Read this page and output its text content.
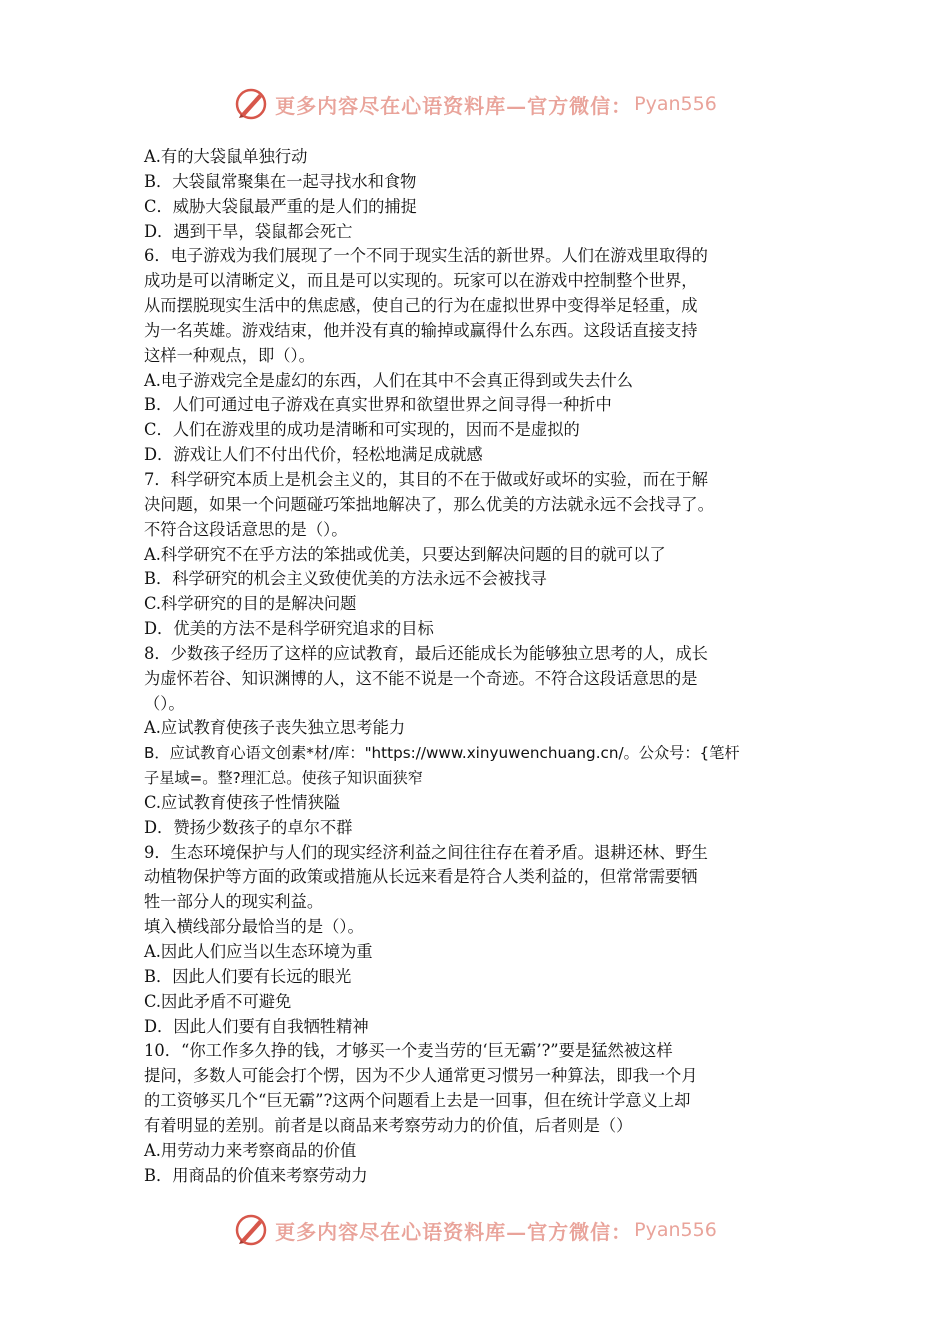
更多内容尽在心语资料库—官方微信： Pyan556

A.有的大袋鼠单独行动

B．大袋鼠常聚集在一起寻找水和食物

C．威胁大袋鼠最严重的是人们的捕捉

D．遇到干旱，袋鼠都会死亡

6．电子游戏为我们展现了一个不同于现实生活的新世界。人们在游戏里取得的

成功是可以清晰定义，而且是可以实现的。玩家可以在游戏中控制整个世界，

从而摆脱现实生活中的焦虑感，使自己的行为在虚拟世界中变得举足轻重，成

为一名英雄。游戏结束，他并没有真的输掉或赢得什么东西。这段话直接支持

这样一种观点，即（）。

A.电子游戏完全是虚幻的东西，人们在其中不会真正得到或失去什么

B．人们可通过电子游戏在真实世界和欲望世界之间寻得一种折中

C．人们在游戏里的成功是清晰和可实现的，因而不是虚拟的

D．游戏让人们不付出代价，轻松地满足成就感

7．科学研究本质上是机会主义的，其目的不在于做或好或坏的实验，而在于解

决问题，如果一个问题碰巧笨拙地解决了，那么优美的方法就永远不会找寻了。

不符合这段话意思的是（）。

A.科学研究不在乎方法的笨拙或优美，只要达到解决问题的目的就可以了

B．科学研究的机会主义致使优美的方法永远不会被找寻

C.科学研究的目的是解决问题

D．优美的方法不是科学研究追求的目标

8．少数孩子经历了这样的应试教育，最后还能成长为能够独立思考的人，成长

为虚怀若谷、知识渊博的人，这不能不说是一个奇迹。不符合这段话意思的是

（）。

A.应试教育使孩子丧失独立思考能力

B．应试教育心语文创素*材/库："https://www.xinyuwenchuang.cn/。公众号：{笔杆

子星域=。整?理汇总。使孩子知识面狭窄

C.应试教育使孩子性情狭隘

D．赞扬少数孩子的卓尔不群

9．生态环境保护与人们的现实经济利益之间往往存在着矛盾。退耕还林、野生

动植物保护等方面的政策或措施从长远来看是符合人类利益的，但常常需要牺

牲一部分人的现实利益。

填入横线部分最恰当的是（）。

A.因此人们应当以生态环境为重

B．因此人们要有长远的眼光

C.因此矛盾不可避免

D．因此人们要有自我牺牲精神

10．“你工作多久挣的钱，才够买一个麦当劳的‘巨无霸’?”要是猛然被这样

提问，多数人可能会打个愣，因为不少人通常更习惯另一种算法，即我一个月

的工资够买几个“巨无霸”?这两个问题看上去是一回事，但在统计学意义上却

有着明显的差别。前者是以商品来考察劳动力的价值，后者则是（）

A.用劳动力来考察商品的价值

B．用商品的价值来考察劳动力

更多内容尽在心语资料库—官方微信： Pyan556
